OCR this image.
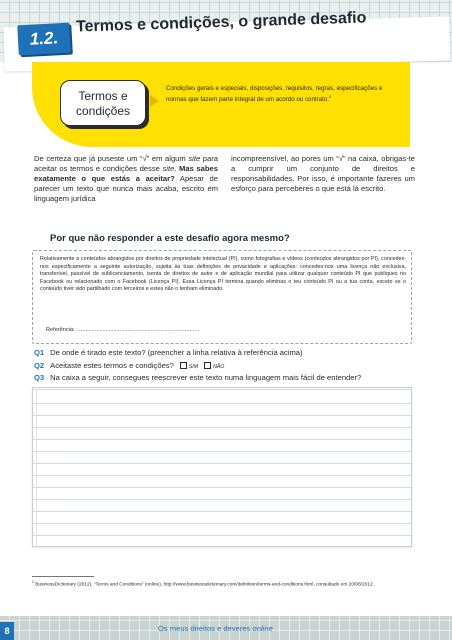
1.2.
Termos e condições, o grande desafio
Termos e
condições
Condições gerais e especiais, disposições, requisitos, regras, especificações e normas que fazem parte integral de um acordo ou contrato.$^2$
De certeza que já puseste um “√” em algum site para aceitar os termos e condições desse site. Mas sabes exatamente o que estás a aceitar? Apesar de parecer um texto que nunca mais acaba, escrito em linguagem jurídica
incompreensível, ao pores um “√” na caixa, obrigas-te a cumprir um conjunto de direitos e responsabilidades. Por isso, é importante fazeres um esforço para perceberes o que está lá escrito.
Por que não responder a este desafio agora mesmo?
Relativamente a conteúdos abrangidos por direitos de propriedade intelectual (PI), como fotografias e vídeos (conteúdos abrangidos por PI), concedes-nos especificamente a seguinte autorização, sujeita às tuas definições de privacidade e aplicações: concedes-nos uma licença não exclusiva, transferível, passível de sublicenciamento, isenta de direitos de autor e de aplicação mundial para utilizar qualquer conteúdo PI que publiques no Facebook ou relacionado com o Facebook (Licença PI). Essa Licença PI termina quando eliminas o teu conteúdo PI ou a tua conta, exceto se o conteúdo tiver sido partilhado com terceiros e estes não o tenham eliminado.
Referência: ...............................................................................
Q1 De onde é tirado este texto? (preencher a linha relativa à referência acima)
Q2 Aceitaste estes termos e condições?	SIM	NÃO
Q3 Na caixa a seguir, consegues reescrever este texto numa linguagem mais fácil de entender?
$^2$ BusinessDictionary (2012), “Terms and Conditions” (online), http://www.businessdictionary.com/definition/terms-and-conditions.html, consultado em 20/08/2012.
8	Os meus direitos e deveres online
